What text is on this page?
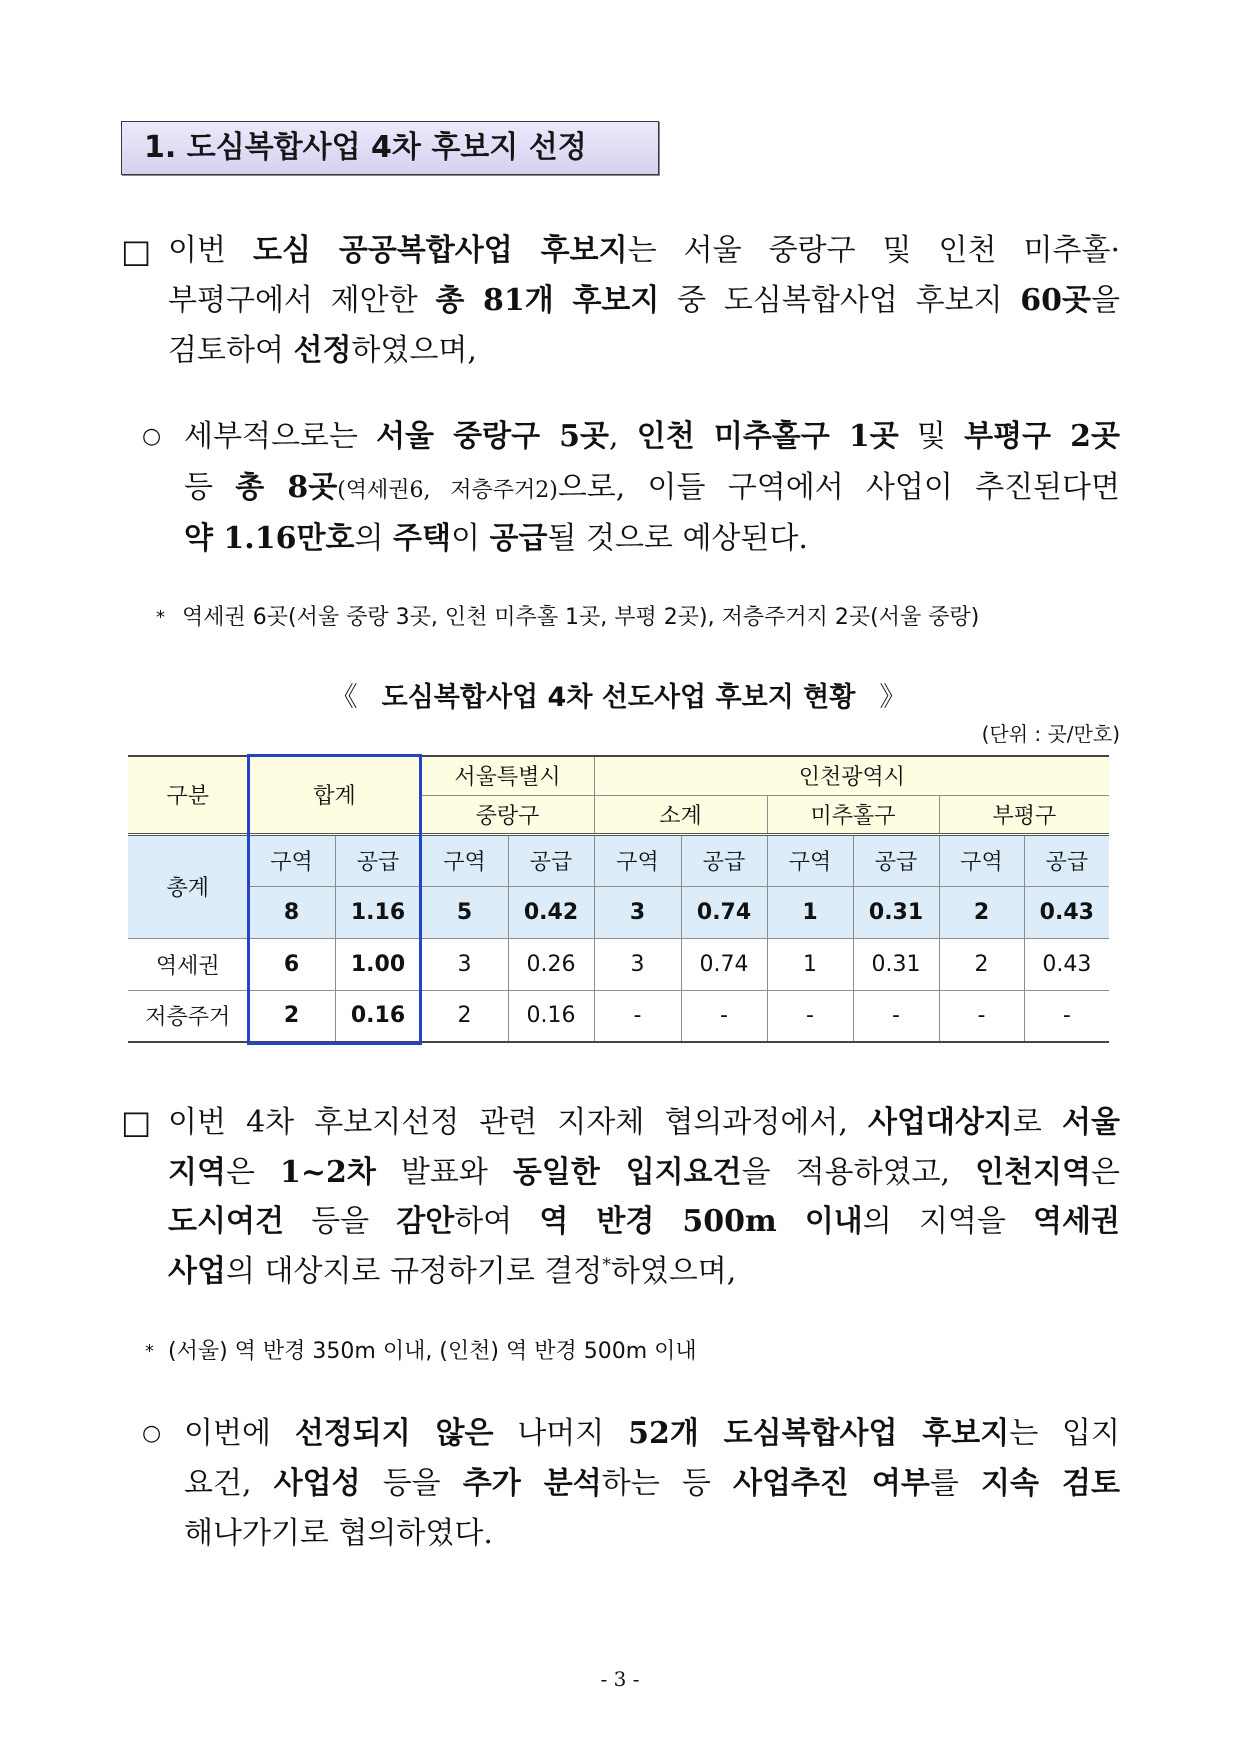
1. 도심복합사업 4차 후보지 선정
□ 이번 도심 공공복합사업 후보지는 서울 중랑구 및 인천 미추홀·
부평구에서 제안한 총 81개 후보지 중 도심복합사업 후보지 60곳을
검토하여 선정하였으며,
○ 세부적으로는 서울 중랑구 5곳, 인천 미추홀구 1곳 및 부평구 2곳
등 총 8곳(역세권6, 저층주거2)으로, 이들 구역에서 사업이 추진된다면
약 1.16만호의 주택이 공급될 것으로 예상된다.
* 역세권 6곳(서울 중랑 3곳, 인천 미추홀 1곳, 부평 2곳), 저층주거지 2곳(서울 중랑)
《 도심복합사업 4차 선도사업 후보지 현황 》
(단위 : 곳/만호)
구분	합계		서울특별시		인천광역시					
			중랑구		소계		미추홀구		부평구	
총계	구역	공급	구역	공급	구역	공급	구역	공급	구역	공급
	8	1.16	5	0.42	3	0.74	1	0.31	2	0.43
역세권	6	1.00	3	0.26	3	0.74	1	0.31	2	0.43
저층주거	2	0.16	2	0.16	-	-	-	-	-	-
□ 이번 4차 후보지선정 관련 지자체 협의과정에서, 사업대상지로 서울
지역은 1~2차 발표와 동일한 입지요건을 적용하였고, 인천지역은
도시여건 등을 감안하여 역 반경 500m 이내의 지역을 역세권
사업의 대상지로 규정하기로 결정*하였으며,
* (서울) 역 반경 350m 이내, (인천) 역 반경 500m 이내
○ 이번에 선정되지 않은 나머지 52개 도심복합사업 후보지는 입지
요건, 사업성 등을 추가 분석하는 등 사업추진 여부를 지속 검토
해나가기로 협의하였다.
- 3 -
